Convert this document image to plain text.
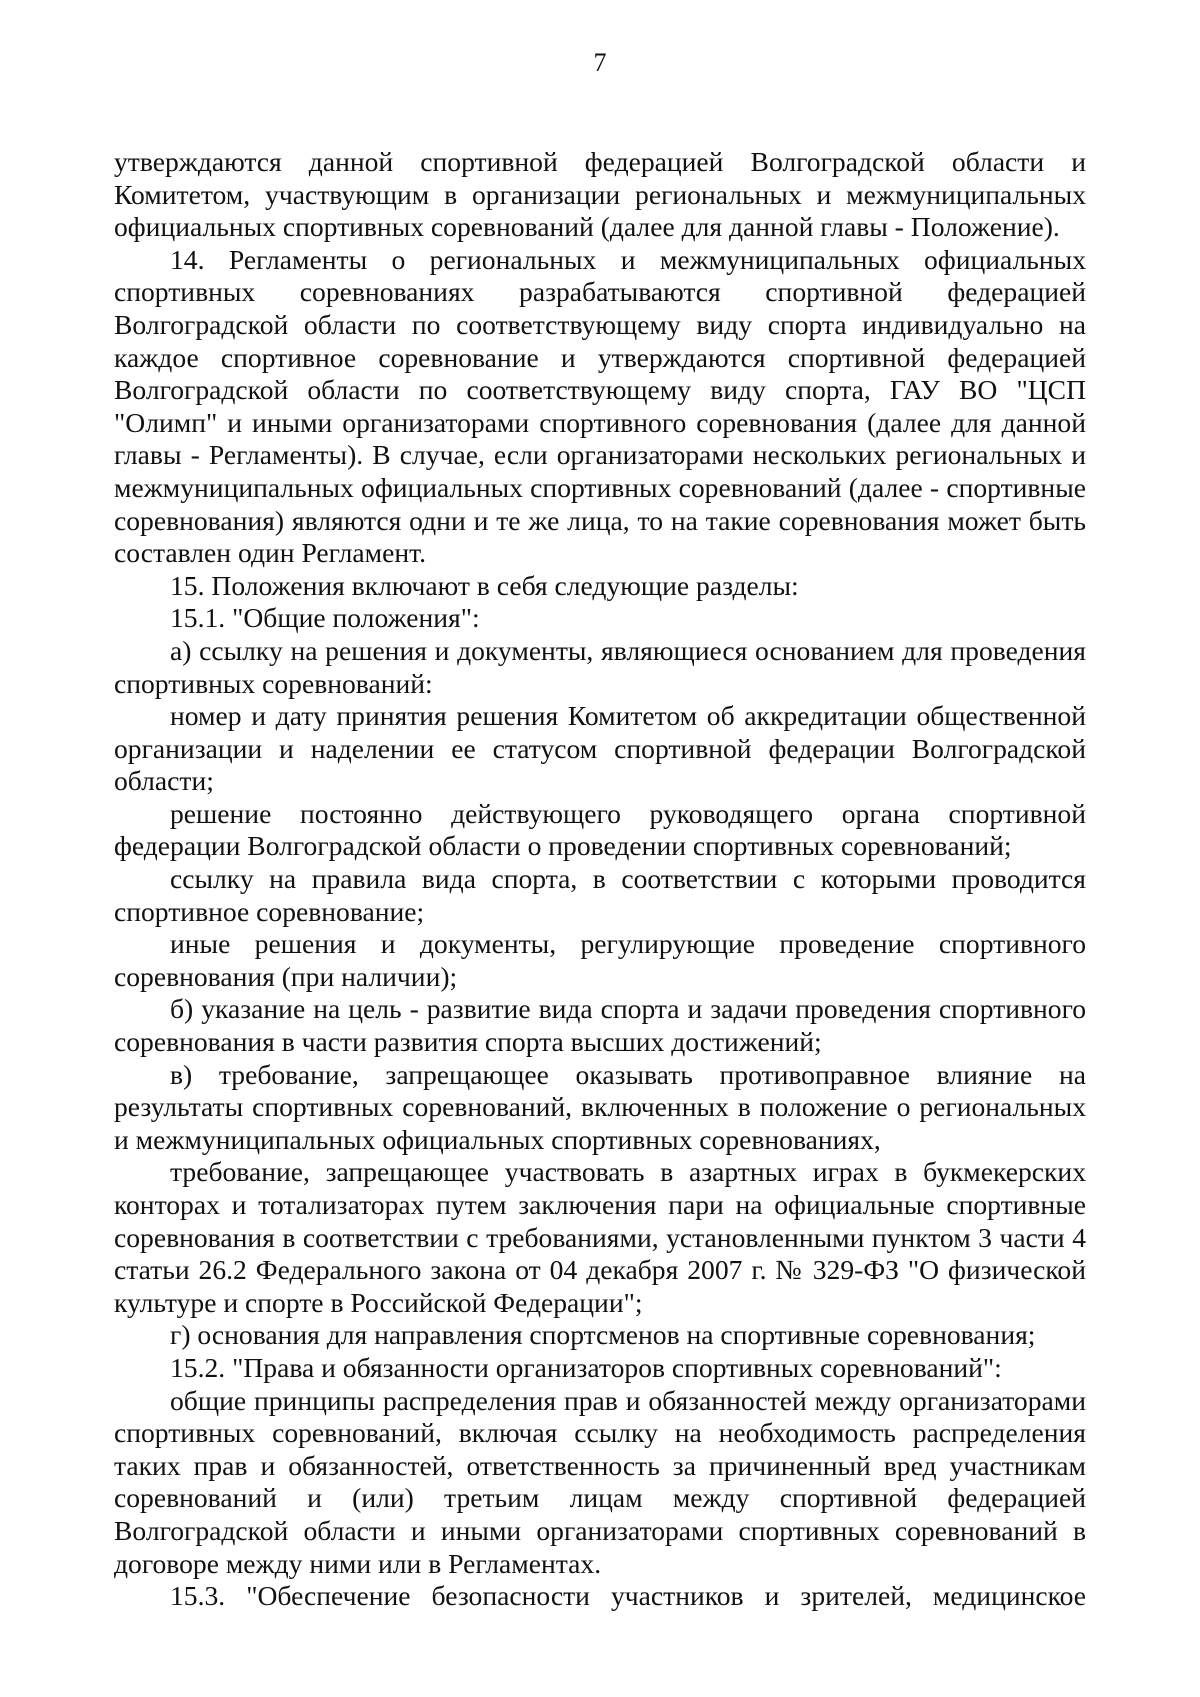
7

утверждаются данной спортивной федерацией Волгоградской области и Комитетом, участвующим в организации региональных и межмуниципальных официальных спортивных соревнований (далее для данной главы - Положение).

14. Регламенты о региональных и межмуниципальных официальных спортивных соревнованиях разрабатываются спортивной федерацией Волгоградской области по соответствующему виду спорта индивидуально на каждое спортивное соревнование и утверждаются спортивной федерацией Волгоградской области по соответствующему виду спорта, ГАУ ВО "ЦСП "Олимп" и иными организаторами спортивного соревнования (далее для данной главы - Регламенты). В случае, если организаторами нескольких региональных и межмуниципальных официальных спортивных соревнований (далее - спортивные соревнования) являются одни и те же лица, то на такие соревнования может быть составлен один Регламент.

15. Положения включают в себя следующие разделы:

15.1. "Общие положения":

а) ссылку на решения и документы, являющиеся основанием для проведения спортивных соревнований:

номер и дату принятия решения Комитетом об аккредитации общественной организации и наделении ее статусом спортивной федерации Волгоградской области;

решение постоянно действующего руководящего органа спортивной федерации Волгоградской области о проведении спортивных соревнований;

ссылку на правила вида спорта, в соответствии с которыми проводится спортивное соревнование;

иные решения и документы, регулирующие проведение спортивного соревнования (при наличии);

б) указание на цель - развитие вида спорта и задачи проведения спортивного соревнования в части развития спорта высших достижений;

в) требование, запрещающее оказывать противоправное влияние на результаты спортивных соревнований, включенных в положение о региональных и межмуниципальных официальных спортивных соревнованиях,

требование, запрещающее участвовать в азартных играх в букмекерских конторах и тотализаторах путем заключения пари на официальные спортивные соревнования в соответствии с требованиями, установленными пунктом 3 части 4 статьи 26.2 Федерального закона от 04 декабря 2007 г. № 329-ФЗ "О физической культуре и спорте в Российской Федерации";

г) основания для направления спортсменов на спортивные соревнования;

15.2. "Права и обязанности организаторов спортивных соревнований":

общие принципы распределения прав и обязанностей между организаторами спортивных соревнований, включая ссылку на необходимость распределения таких прав и обязанностей, ответственность за причиненный вред участникам соревнований и (или) третьим лицам между спортивной федерацией Волгоградской области и иными организаторами спортивных соревнований в договоре между ними или в Регламентах.

15.3. "Обеспечение безопасности участников и зрителей, медицинское
